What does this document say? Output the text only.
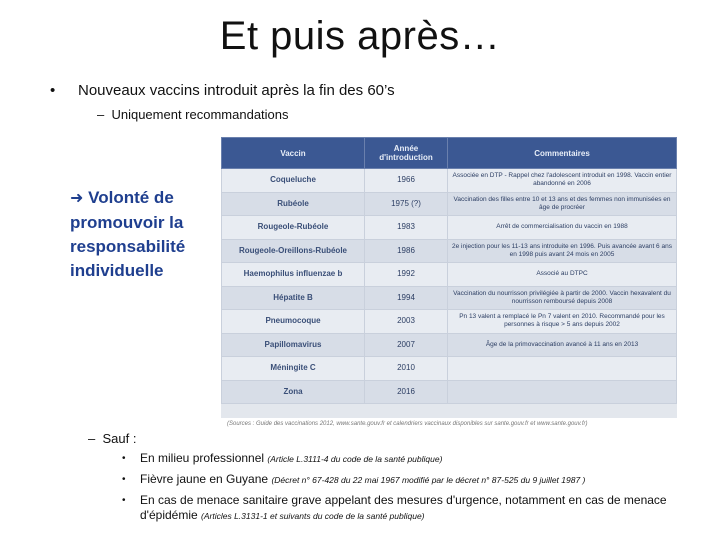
Et puis après…
• Nouveaux vaccins introduit après la fin des 60’s
–  Uniquement recommandations
➜ Volonté de promouvoir la responsabilité individuelle
Vaccin	Année d'introduction	Commentaires
Coqueluche	1966	Associée en DTP - Rappel chez l'adolescent introduit en 1998. Vaccin entier abandonné en 2006
Rubéole	1975 (?)	Vaccination des filles entre 10 et 13 ans et des femmes non immunisées en âge de procréer
Rougeole-Rubéole	1983	Arrêt de commercialisation du vaccin en 1988
Rougeole-Oreillons-Rubéole	1986	2e injection pour les 11-13 ans introduite en 1996. Puis avancée avant 6 ans en 1998 puis avant 24 mois en 2005
Haemophilus influenzae b	1992	Associé au DTPC
Hépatite B	1994	Vaccination du nourrisson privilégiée à partir de 2000. Vaccin hexavalent du nourrisson remboursé depuis 2008
Pneumocoque	2003	Pn 13 valent a remplacé le Pn 7 valent en 2010. Recommandé pour les personnes à risque > 5 ans depuis 2002
Papillomavirus	2007	Âge de la primovaccination avancé à 11 ans en 2013
Méningite C	2010	
Zona	2016	
(Sources : Guide des vaccinations 2012, www.sante.gouv.fr et calendriers vaccinaux disponibles sur sante.gouv.fr et www.sante.gouv.fr)
–  Sauf :
• En milieu professionnel (Article L.3111-4 du code de la santé publique)
• Fièvre jaune en Guyane (Décret n° 67-428 du 22 mai 1967 modifié par le décret n° 87-525 du 9 juillet 1987 )
• En cas de menace sanitaire grave appelant des mesures d'urgence, notamment en cas de menace d'épidémie (Articles L.3131-1 et suivants du code de la santé publique)
